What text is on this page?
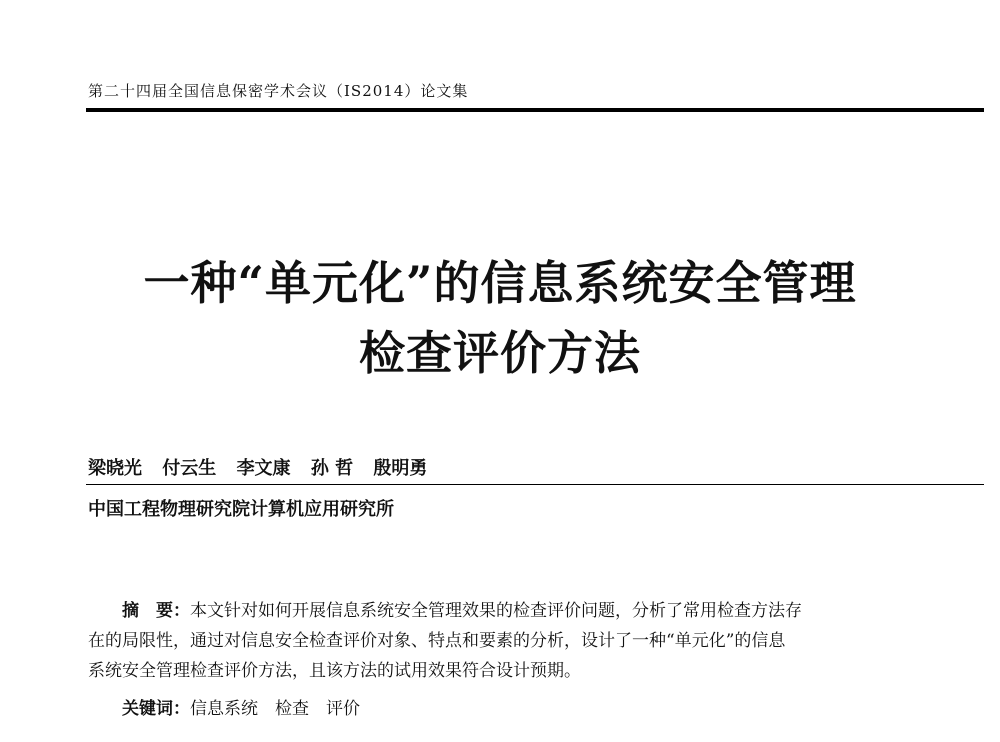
第二十四届全国信息保密学术会议（IS2014）论文集
一种“单元化”的信息系统安全管理
检查评价方法
梁晓光 付云生 李文康 孙 哲 殷明勇
中国工程物理研究院计算机应用研究所
摘　要：本文针对如何开展信息系统安全管理效果的检查评价问题，分析了常用检查方法存
在的局限性，通过对信息安全检查评价对象、特点和要素的分析，设计了一种“单元化”的信息
系统安全管理检查评价方法，且该方法的试用效果符合设计预期。
关键词：信息系统　检查　评价
